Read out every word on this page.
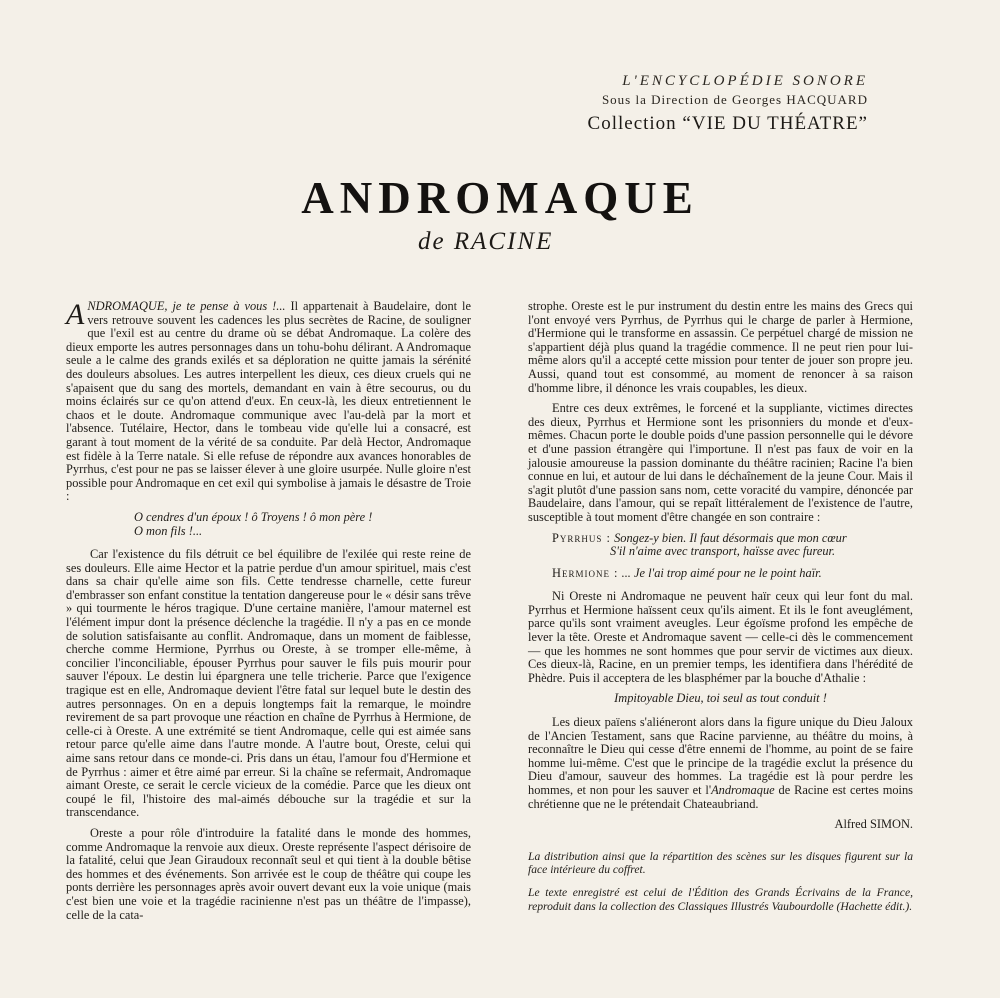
L'ENCYCLOPÉDIE SONORE
Sous la Direction de Georges HACQUARD
Collection “VIE DU THÉATRE”
ANDROMAQUE
de RACINE

ANDROMAQUE, je te pense à vous !... Il appartenait à Baudelaire, dont le vers retrouve souvent les cadences les plus secrètes de Racine, de souligner que l'exil est au centre du drame où se débat Andromaque. La colère des dieux emporte les autres personnages dans un tohu-bohu délirant. A Andromaque seule a le calme des grands exilés et sa déploration ne quitte jamais la sérénité des douleurs absolues. Les autres interpellent les dieux, ces dieux cruels qui ne s'apaisent que du sang des mortels, demandant en vain à être secourus, ou du moins éclairés sur ce qu'on attend d'eux. En ceux-là, les dieux entretiennent le chaos et le doute. Andromaque communique avec l'au-delà par la mort et l'absence. Tutélaire, Hector, dans le tombeau vide qu'elle lui a consacré, est garant à tout moment de la vérité de sa conduite. Par delà Hector, Andromaque est fidèle à la Terre natale. Si elle refuse de répondre aux avances honorables de Pyrrhus, c'est pour ne pas se laisser élever à une gloire usurpée. Nulle gloire n'est possible pour Andromaque en cet exil qui symbolise à jamais le désastre de Troie :

O cendres d'un époux ! ô Troyens ! ô mon père !
O mon fils !...

Car l'existence du fils détruit ce bel équilibre de l'exilée qui reste reine de ses douleurs. Elle aime Hector et la patrie perdue d'un amour spirituel, mais c'est dans sa chair qu'elle aime son fils. Cette tendresse charnelle, cette fureur d'embrasser son enfant constitue la tentation dangereuse pour le « désir sans trêve » qui tourmente le héros tragique. D'une certaine manière, l'amour maternel est l'élément impur dont la présence déclenche la tragédie. Il n'y a pas en ce monde de solution satisfaisante au conflit. Andromaque, dans un moment de faiblesse, cherche comme Hermione, Pyrrhus ou Oreste, à se tromper elle-même, à concilier l'inconciliable, épouser Pyrrhus pour sauver le fils puis mourir pour sauver l'époux. Le destin lui épargnera une telle tricherie. Parce que l'exigence tragique est en elle, Andromaque devient l'être fatal sur lequel bute le destin des autres personnages. On en a depuis longtemps fait la remarque, le moindre revirement de sa part provoque une réaction en chaîne de Pyrrhus à Hermione, de celle-ci à Oreste. A une extrémité se tient Andromaque, celle qui est aimée sans retour parce qu'elle aime dans l'autre monde. A l'autre bout, Oreste, celui qui aime sans retour dans ce monde-ci. Pris dans un étau, l'amour fou d'Hermione et de Pyrrhus : aimer et être aimé par erreur. Si la chaîne se refermait, Andromaque aimant Oreste, ce serait le cercle vicieux de la comédie. Parce que les dieux ont coupé le fil, l'histoire des mal-aimés débouche sur la tragédie et sur la transcendance.

Oreste a pour rôle d'introduire la fatalité dans le monde des hommes, comme Andromaque la renvoie aux dieux. Oreste représente l'aspect dérisoire de la fatalité, celui que Jean Giraudoux reconnaît seul et qui tient à la double bêtise des hommes et des événements. Son arrivée est le coup de théâtre qui coupe les ponts derrière les personnages après avoir ouvert devant eux la voie unique (mais c'est bien une voie et la tragédie racinienne n'est pas un théâtre de l'impasse), celle de la cata-

strophe. Oreste est le pur instrument du destin entre les mains des Grecs qui l'ont envoyé vers Pyrrhus, de Pyrrhus qui le charge de parler à Hermione, d'Hermione qui le transforme en assassin. Ce perpétuel chargé de mission ne s'appartient déjà plus quand la tragédie commence. Il ne peut rien pour lui-même alors qu'il a accepté cette mission pour tenter de jouer son propre jeu. Aussi, quand tout est consommé, au moment de renoncer à sa raison d'homme libre, il dénonce les vrais coupables, les dieux.

Entre ces deux extrêmes, le forcené et la suppliante, victimes directes des dieux, Pyrrhus et Hermione sont les prisonniers du monde et d'eux-mêmes. Chacun porte le double poids d'une passion personnelle qui le dévore et d'une passion étrangère qui l'importune. Il n'est pas faux de voir en la jalousie amoureuse la passion dominante du théâtre racinien; Racine l'a bien connue en lui, et autour de lui dans le déchaînement de la jeune Cour. Mais il s'agit plutôt d'une passion sans nom, cette voracité du vampire, dénoncée par Baudelaire, dans l'amour, qui se repaît littéralement de l'existence de l'autre, susceptible à tout moment d'être changée en son contraire :

Pyrrhus : Songez-y bien. Il faut désormais que mon cœur
S'il n'aime avec transport, haïsse avec fureur.
Hermione : ... Je l'ai trop aimé pour ne le point haïr.

Ni Oreste ni Andromaque ne peuvent haïr ceux qui leur font du mal. Pyrrhus et Hermione haïssent ceux qu'ils aiment. Et ils le font aveuglément, parce qu'ils sont vraiment aveugles. Leur égoïsme profond les empêche de lever la tête. Oreste et Andromaque savent — celle-ci dès le commencement — que les hommes ne sont hommes que pour servir de victimes aux dieux. Ces dieux-là, Racine, en un premier temps, les identifiera dans l'hérédité de Phèdre. Puis il acceptera de les blasphémer par la bouche d'Athalie :

Impitoyable Dieu, toi seul as tout conduit !

Les dieux païens s'aliéneront alors dans la figure unique du Dieu Jaloux de l'Ancien Testament, sans que Racine parvienne, au théâtre du moins, à reconnaître le Dieu qui cesse d'être ennemi de l'homme, au point de se faire homme lui-même. C'est que le principe de la tragédie exclut la présence du Dieu d'amour, sauveur des hommes. La tragédie est là pour perdre les hommes, et non pour les sauver et l'Andromaque de Racine est certes moins chrétienne que ne le prétendait Chateaubriand.

Alfred SIMON.

La distribution ainsi que la répartition des scènes sur les disques figurent sur la face intérieure du coffret.

Le texte enregistré est celui de l'Édition des Grands Écrivains de la France, reproduit dans la collection des Classiques Illustrés Vaubourdolle (Hachette édit.).
